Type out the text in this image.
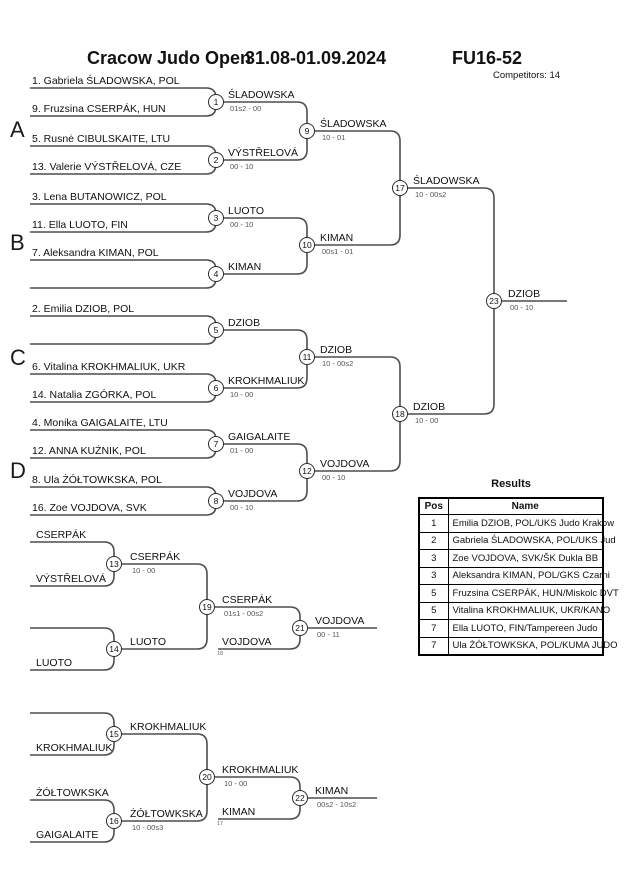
Cracow Judo Open
31.08-01.09.2024	FU16-52
Competitors: 14
A
B
C
D
1. Gabriela ŚLADOWSKA, POL
9. Fruzsina CSERPÁK, HUN
5. Rusnė CIBULSKAITE, LTU
13. Valerie VÝSTŘELOVÁ, CZE
3. Lena BUTANOWICZ, POL
11. Ella LUOTO, FIN
7. Aleksandra KIMAN, POL
2. Emilia DZIOB, POL
6. Vitalina KROKHMALIUK, UKR
14. Natalia ZGÓRKA, POL
4. Monika GAIGALAITE, LTU
12. ANNA KUŹNIK, POL
8. Ula ŻÓŁTOWKSKA, POL
16. Zoe VOJDOVA, SVK
ŚLADOWSKA
01s2 - 00
VÝSTŘELOVÁ
00 - 10
LUOTO
00 - 10
KIMAN
DZIOB
KROKHMALIUK
10 - 00
GAIGALAITE
01 - 00
VOJDOVA
00 - 10
ŚLADOWSKA
10 - 01
KIMAN
00s1 - 01
DZIOB
10 - 00s2
VOJDOVA
00 - 10
ŚLADOWSKA
10 - 00s2
DZIOB
10 - 00
DZIOB
00 - 10
CSERPÁK
VÝSTŘELOVÁ
LUOTO
CSERPÁK
10 - 00
LUOTO
CSERPÁK
01s1 - 00s2
VOJDOVA
18
VOJDOVA
00 - 11
KROKHMALIUK
ŻÓŁTOWKSKA
GAIGALAITE
KROKHMALIUK
ŻÓŁTOWKSKA
10 - 00s3
KROKHMALIUK
10 - 00
KIMAN
17
KIMAN
00s2 - 10s2
1
2
3
4
5
6
7
8
9
10
11
12
13
14
15
16
17
18
19
20
21
22
23
Results
Pos	Name
1	Emilia DZIOB, POL/UKS Judo Krakow

2	Gabriela ŚLADOWSKA, POL/UKS Jud

3	Zoe VOJDOVA, SVK/ŠK Dukla BB

3	Aleksandra KIMAN, POL/GKS Czarni

5	Fruzsina CSERPÁK, HUN/Miskolc DVT

5	Vitalina KROKHMALIUK, UKR/KANO

7	Ella LUOTO, FIN/Tampereen Judo

7	Ula ŻÓŁTOWKSKA, POL/KUMA JUDO
